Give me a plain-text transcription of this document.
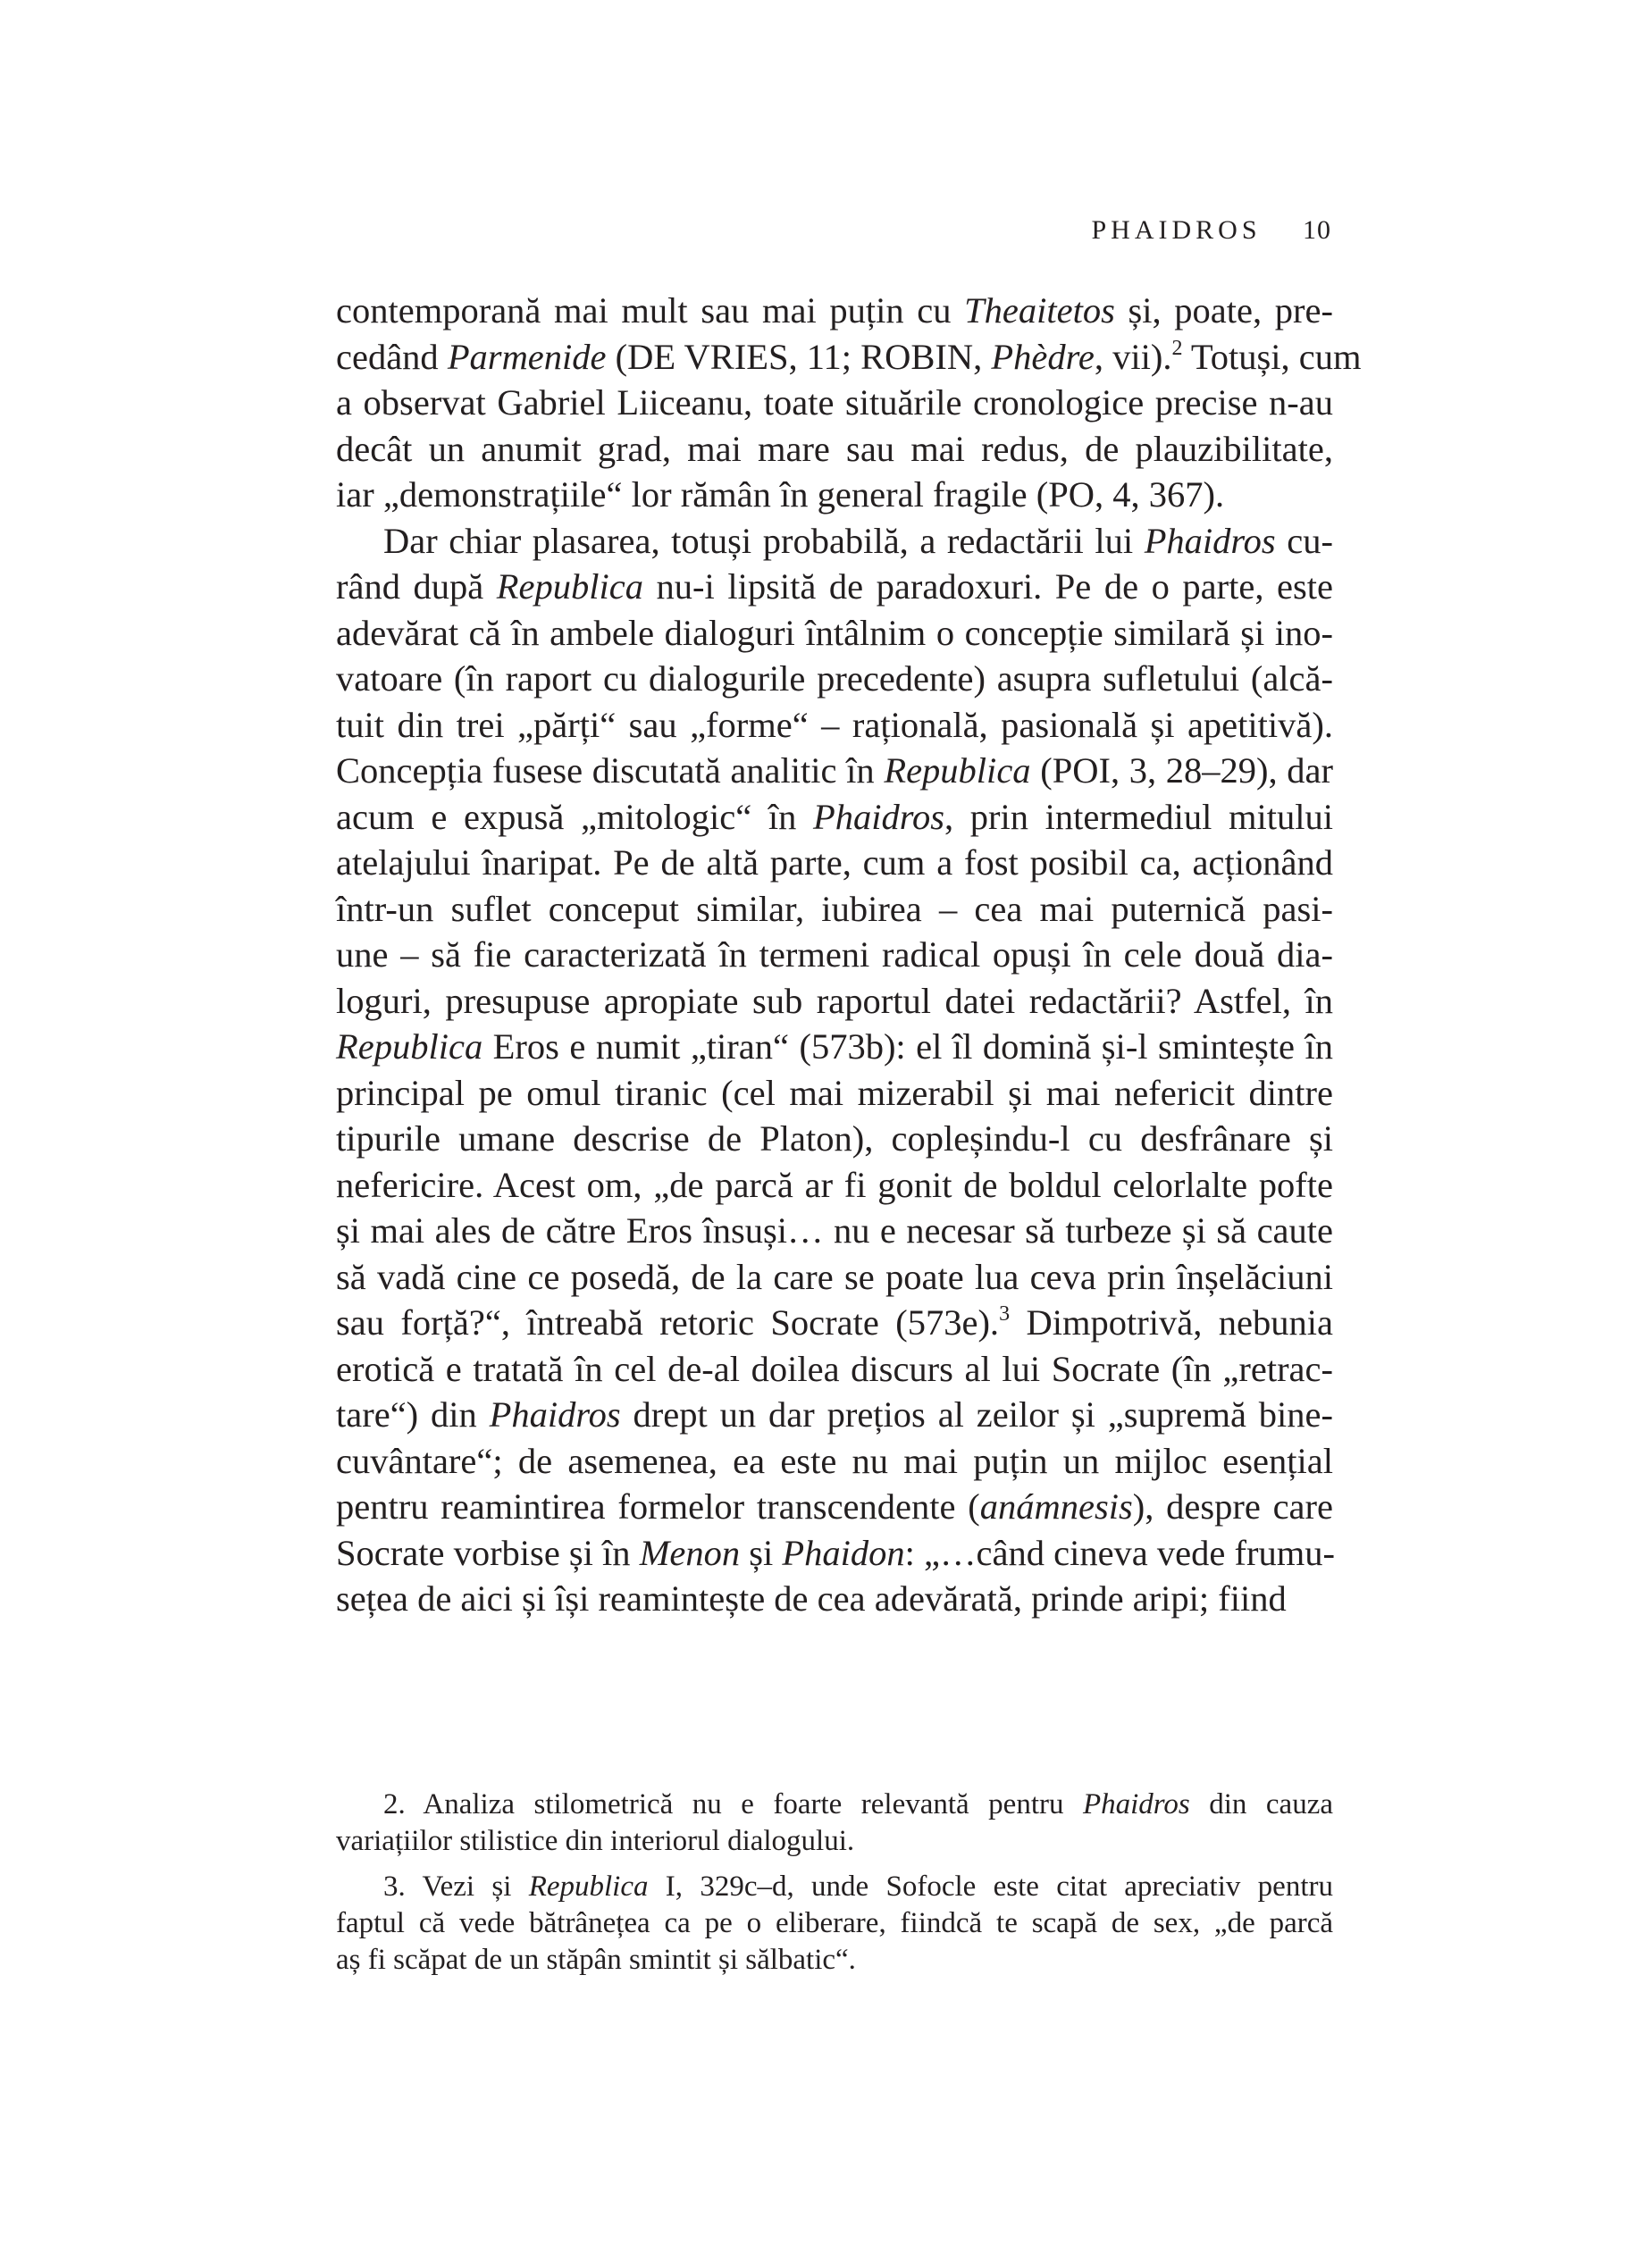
PHAIDROS 10
contemporană mai mult sau mai puțin cu Theaitetos și, poate, pre-
cedând Parmenide (DE VRIES, 11; ROBIN, Phèdre, vii).$^2$ Totuși, cum
a observat Gabriel Liiceanu, toate situările cronologice precise n-au
decât un anumit grad, mai mare sau mai redus, de plauzibilitate,
iar „demonstrațiile“ lor rămân în general fragile (PO, 4, 367).
Dar chiar plasarea, totuși probabilă, a redactării lui Phaidros cu-
rând după Republica nu-i lipsită de paradoxuri. Pe de o parte, este
adevărat că în ambele dialoguri întâlnim o concepție similară și ino-
vatoare (în raport cu dialogurile precedente) asupra sufletului (alcă-
tuit din trei „părți“ sau „forme“ – rațională, pasională și apetitivă).
Concepția fusese discutată analitic în Republica (POI, 3, 28–29), dar
acum e expusă „mitologic“ în Phaidros, prin intermediul mitului
atelajului înaripat. Pe de altă parte, cum a fost posibil ca, acționând
într-un suflet conceput similar, iubirea – cea mai puternică pasi-
une – să fie caracterizată în termeni radical opuși în cele două dia-
loguri, presupuse apropiate sub raportul datei redactării? Astfel, în
Republica Eros e numit „tiran“ (573b): el îl domină și-l smintește în
principal pe omul tiranic (cel mai mizerabil și mai nefericit dintre
tipurile umane descrise de Platon), copleșindu-l cu desfrânare și
nefericire. Acest om, „de parcă ar fi gonit de boldul celorlalte pofte
și mai ales de către Eros însuși… nu e necesar să turbeze și să caute
să vadă cine ce posedă, de la care se poate lua ceva prin înșelăciuni
sau forță?“, întreabă retoric Socrate (573e).$^3$ Dimpotrivă, nebunia
erotică e tratată în cel de-al doilea discurs al lui Socrate (în „retrac-
tare“) din Phaidros drept un dar prețios al zeilor și „supremă bine-
cuvântare“; de asemenea, ea este nu mai puțin un mijloc esențial
pentru reamintirea formelor transcendente (anámnesis), despre care
Socrate vorbise și în Menon și Phaidon: „…când cineva vede frumu-
sețea de aici și își reamintește de cea adevărată, prinde aripi; fiind
2. Analiza stilometrică nu e foarte relevantă pentru Phaidros din cauza
variațiilor stilistice din interiorul dialogului.
3. Vezi și Republica I, 329c–d, unde Sofocle este citat apreciativ pentru
faptul că vede bătrânețea ca pe o eliberare, fiindcă te scapă de sex, „de parcă
aș fi scăpat de un stăpân smintit și sălbatic“.
